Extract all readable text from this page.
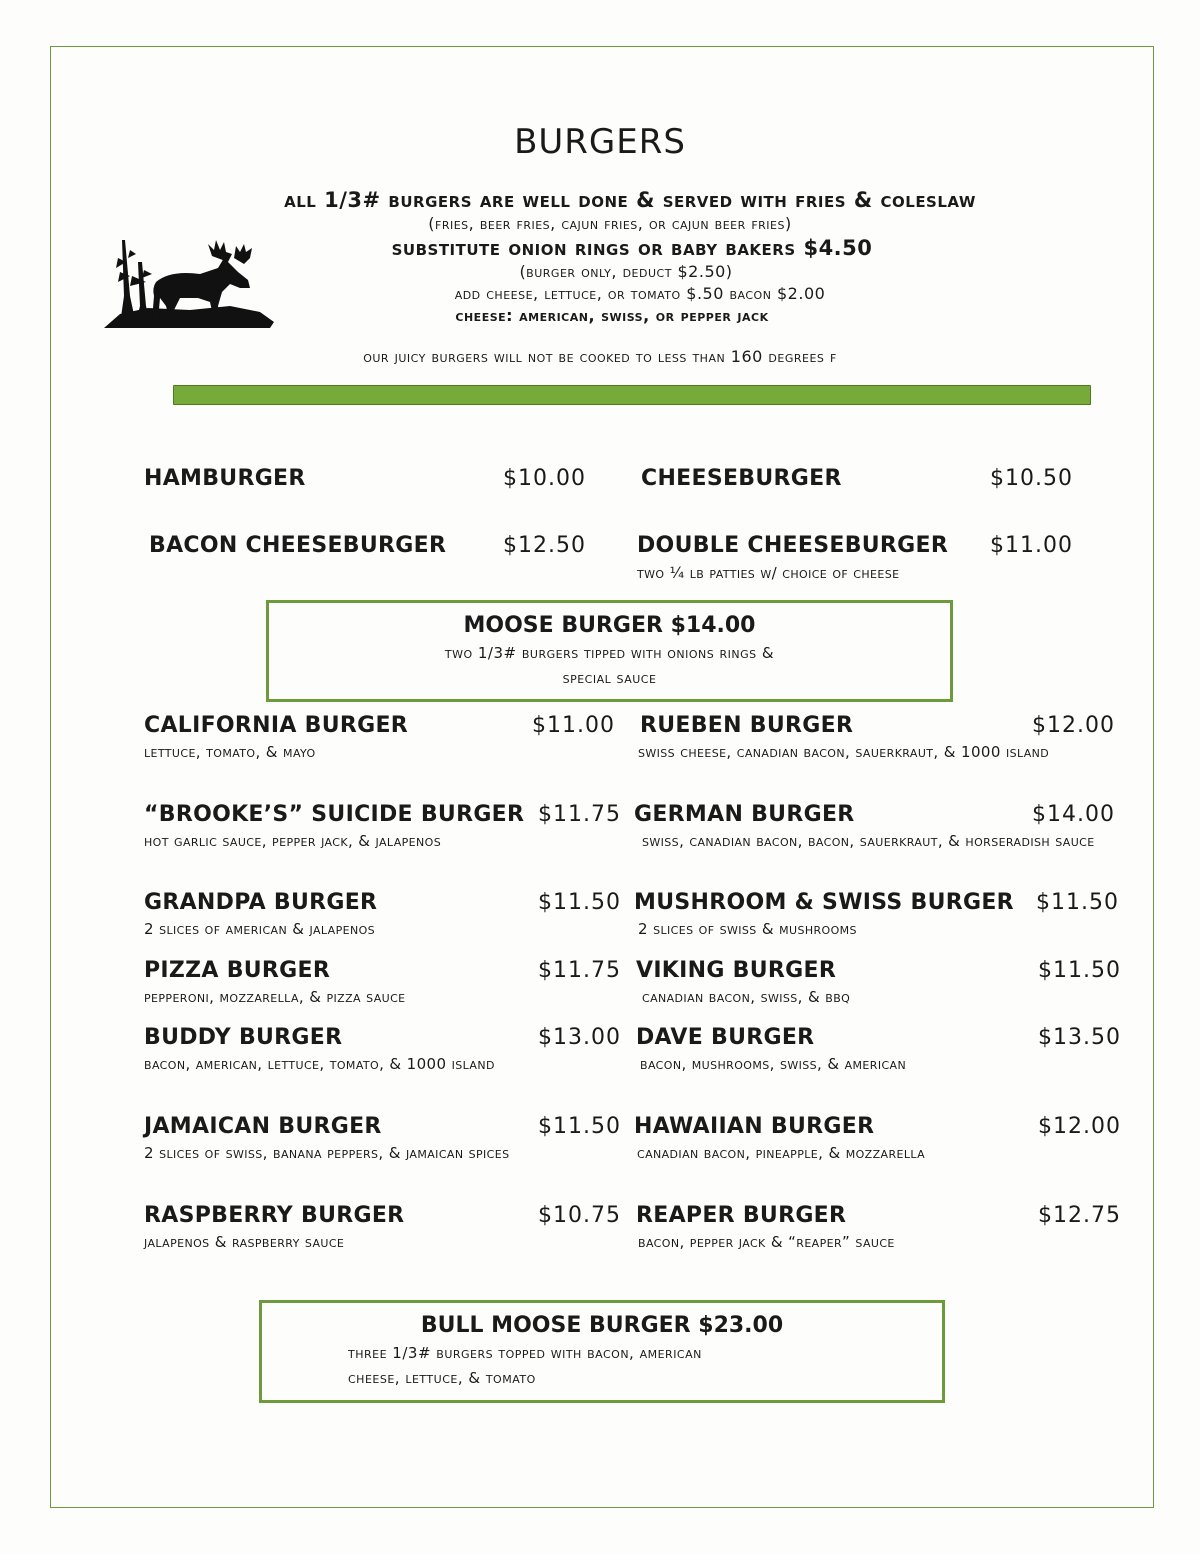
BURGERS
all 1/3# burgers are well done & served with fries & coleslaw
(fries, beer fries, cajun fries, or cajun beer fries)
substitute onion rings or baby bakers $4.50
(burger only, deduct $2.50)
add cheese, lettuce, or tomato $.50 bacon $2.00
cheese: american, swiss, or pepper jack
our juicy burgers will not be cooked to less than 160 degrees f
HAMBURGER	$10.00	CHEESEBURGER	$10.50
BACON CHEESEBURGER	$12.50 DOUBLE CHEESEBURGER $11.00
two ¼ lb patties w/ choice of cheese
MOOSE BURGER $14.00
two 1/3# burgers tipped with onions rings &
special sauce
CALIFORNIA BURGER	$11.00
lettuce, tomato, & mayo
RUEBEN BURGER	$12.00
swiss cheese, canadian bacon, sauerkraut, & 1000 island
“BROOKE’S” SUICIDE BURGER $11.75
hot garlic sauce, pepper jack, & jalapenos
GERMAN BURGER	$14.00
swiss, canadian bacon, bacon, sauerkraut, & horseradish sauce
GRANDPA BURGER	$11.50
2 slices of american & jalapenos
MUSHROOM & SWISS BURGER $11.50
2 slices of swiss & mushrooms
PIZZA BURGER	$11.75
pepperoni, mozzarella, & pizza sauce
VIKING BURGER	$11.50
canadian bacon, swiss, & bbq
BUDDY BURGER	$13.00
bacon, american, lettuce, tomato, & 1000 island
DAVE BURGER	$13.50
bacon, mushrooms, swiss, & american
JAMAICAN BURGER	$11.50
2 slices of swiss, banana peppers, & jamaican spices
HAWAIIAN BURGER	$12.00
canadian bacon, pineapple, & mozzarella
RASPBERRY BURGER	$10.75
jalapenos & raspberry sauce
REAPER BURGER	$12.75
bacon, pepper jack & “reaper” sauce
BULL MOOSE BURGER $23.00
three 1/3# burgers topped with bacon, american
cheese, lettuce, & tomato
